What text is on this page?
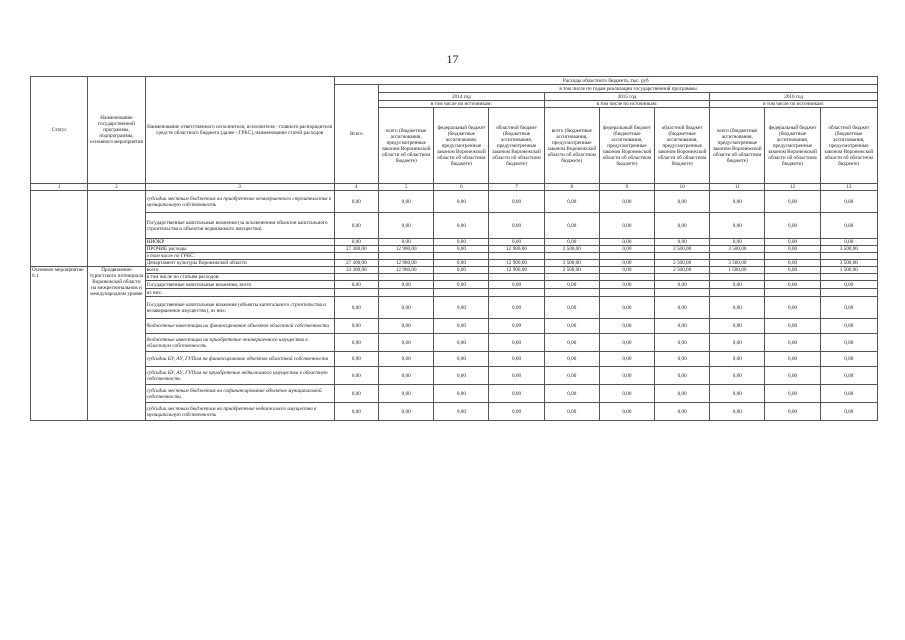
17
Статус	Наименование государственной программы, подпрограммы, основного мероприятия	Наименование ответственного исполнителя, исполнителя - главного распорядителя средств областного бюджета (далее - ГРБС), наименование статей расходов	Расходы областного бюджета, тыс. руб									
			Всего	в том числе по годам реализации государственной программы								
				2014 год			2015 год			2016 год		
				в том числе по источникам:			в том числе по источникам:			в том числе по источникам:		
				всего (бюджетные ассигнования, предусмотренные законом Воронежской области об областном бюджете)	федеральный бюджет (бюджетные ассигнования, предусмотренные законом Воронежской области об областном бюджете)	областной бюджет (бюджетные ассигнования, предусмотренные законом Воронежской области об областном бюджете)	всего (бюджетные ассигнования, предусмотренные законом Воронежской области об областном бюджете)	федеральный бюджет (бюджетные ассигнования, предусмотренные законом Воронежской области об областном бюджете)	областной бюджет (бюджетные ассигнования, предусмотренные законом Воронежской области об областном бюджете)	всего (бюджетные ассигнования, предусмотренные законом Воронежской области об областном бюджете)	федеральный бюджет (бюджетные ассигнования, предусмотренные законом Воронежской области об областном бюджете)	областной бюджет (бюджетные ассигнования, предусмотренные законом Воронежской области об областном бюджете)
1	2	3	4	5	6	7	8	9	10	11	12	13
		субсидии местным бюджетам на приобретение незавершенного строительства в муниципальную собственность	0,00	0,00	0,00	0,00	0,00	0,00	0,00	0,00	0,00	0,00
		Государственные капитальные вложения (за исключением объектов капитального строительства и объектов недвижимого имущества)	0,00	0,00	0,00	0,00	0,00	0,00	0,00	0,00	0,00	0,00
		НИОКР	0,00	0,00	0,00	0,00	0,00	0,00	0,00	0,00	0,00	0,00
		ПРОЧИЕ расходы	27 300,00	12 900,00	0,00	12 900,00	2 500,00	0,00	2 500,00	3 500,00	0,00	3 500,00
		в том числе по ГРБС:										
		Департамент культуры Воронежской области	27 300,00	12 900,00	0,00	12 900,00	2 500,00	0,00	2 500,00	3 500,00	0,00	3 500,00
Основное мероприятие 6.1	Продвижение туристского потенциала Воронежской области на межрегиональном и международном уровне	всего	33 300,00	12 900,00	0,00	12 900,00	2 500,00	0,00	2 500,00	1 500,00	0,00	1 500,00
		в том числе по статьям расходов:										
		Государственные капитальные вложения, всего	0,00	0,00	0,00	0,00	0,00	0,00	0,00	0,00	0,00	0,00
		из них:										
		Государственные капитальные вложения (объекты капитального строительства и незавершенное имущество), из них:	0,00	0,00	0,00	0,00	0,00	0,00	0,00	0,00	0,00	0,00
		бюджетные инвестиции на финансирование объектов областной собственности	0,00	0,00	0,00	0,00	0,00	0,00	0,00	0,00	0,00	0,00
		бюджетные инвестиции на приобретение незавершенного имущества в областную собственность	0,00	0,00	0,00	0,00	0,00	0,00	0,00	0,00	0,00	0,00
		субсидии БУ, АУ, ГУПам на финансирование объектов областной собственности	0,00	0,00	0,00	0,00	0,00	0,00	0,00	0,00	0,00	0,00
		субсидии БУ, АУ, ГУПам на приобретение недвижимого имущества в областную собственность	0,00	0,00	0,00	0,00	0,00	0,00	0,00	0,00	0,00	0,00
		субсидии местным бюджетам на софинансирование объектов муниципальной собственности	0,00	0,00	0,00	0,00	0,00	0,00	0,00	0,00	0,00	0,00
		субсидии местным бюджетам на приобретение недвижимого имущества в муниципальную собственность	0,00	0,00	0,00	0,00	0,00	0,00	0,00	0,00	0,00	0,00
